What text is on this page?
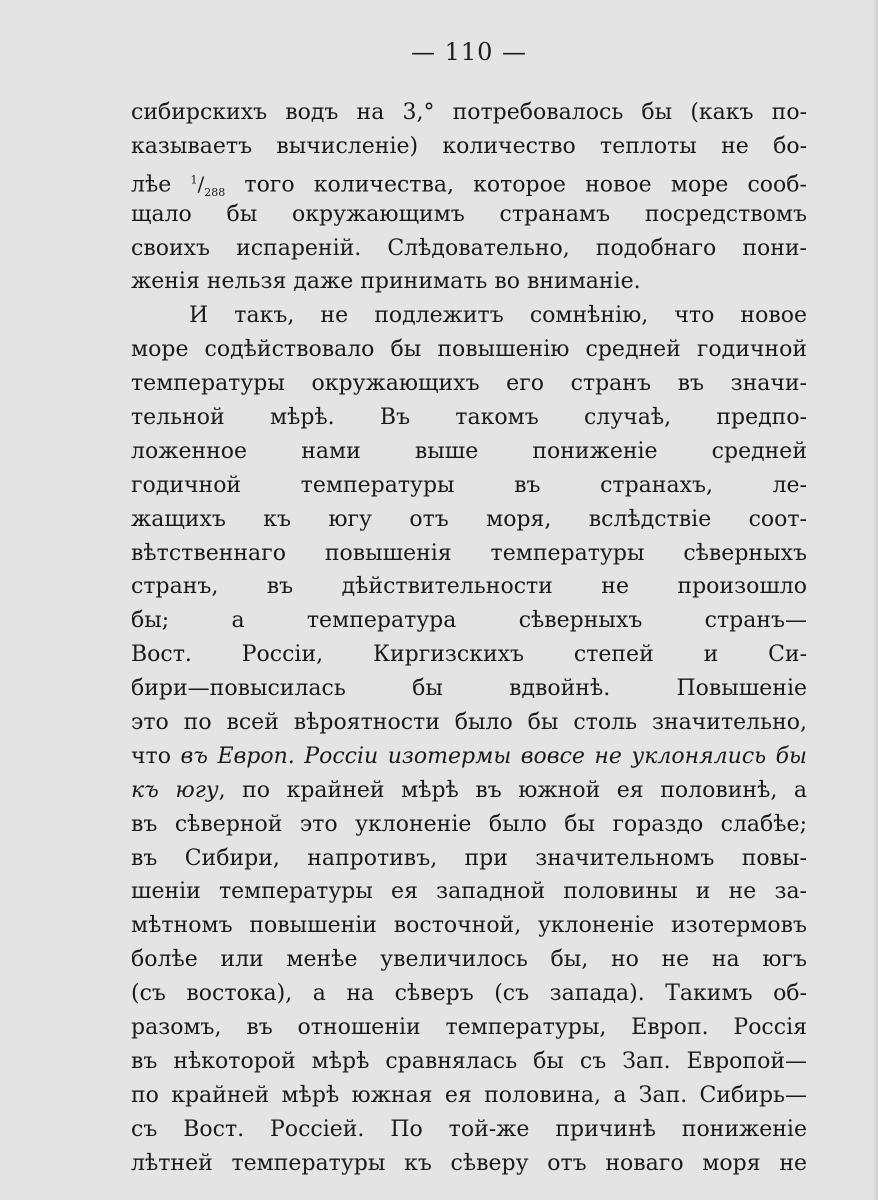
— 110 —
сибирскихъ водъ на 3,° потребовалось бы (какъ по-
казываетъ вычисленіе) количество теплоты не бо-
лѣе $^1/_{288}$ того количества, которое новое море сооб-
щало бы окружающимъ странамъ посредствомъ
своихъ испареній. Слѣдовательно, подобнаго пони-
женія нельзя даже принимать во вниманіе.
И такъ, не подлежитъ сомнѣнію, что новое
море содѣйствовало бы повышенію средней годичной
температуры окружающихъ его странъ въ значи-
тельной мѣрѣ. Въ такомъ случаѣ, предпо-
ложенное нами выше пониженіе средней
годичной температуры въ странахъ, ле-
жащихъ къ югу отъ моря, вслѣдствіе соот-
вѣтственнаго повышенія температуры сѣверныхъ
странъ, въ дѣйствительности не произошло
бы; а температура сѣверныхъ странъ—
Вост. Россіи, Киргизскихъ степей и Си-
бири—повысилась бы вдвойнѣ. Повышеніе
это по всей вѣроятности было бы столь значительно,
что въ Европ. Россіи изотермы вовсе не уклонялись бы
къ югу, по крайней мѣрѣ въ южной ея половинѣ, а
въ сѣверной это уклоненіе было бы гораздо слабѣе;
въ Сибири, напротивъ, при значительномъ повы-
шеніи температуры ея западной половины и не за-
мѣтномъ повышеніи восточной, уклоненіе изотермовъ
болѣе или менѣе увеличилось бы, но не на югъ
(съ востока), а на сѣверъ (съ запада). Такимъ об-
разомъ, въ отношеніи температуры, Европ. Россія
въ нѣкоторой мѣрѣ сравнялась бы съ Зап. Европой—
по крайней мѣрѣ южная ея половина, а Зап. Сибирь—
съ Вост. Россіей. По той-же причинѣ пониженіе
лѣтней температуры къ сѣверу отъ новаго моря не
